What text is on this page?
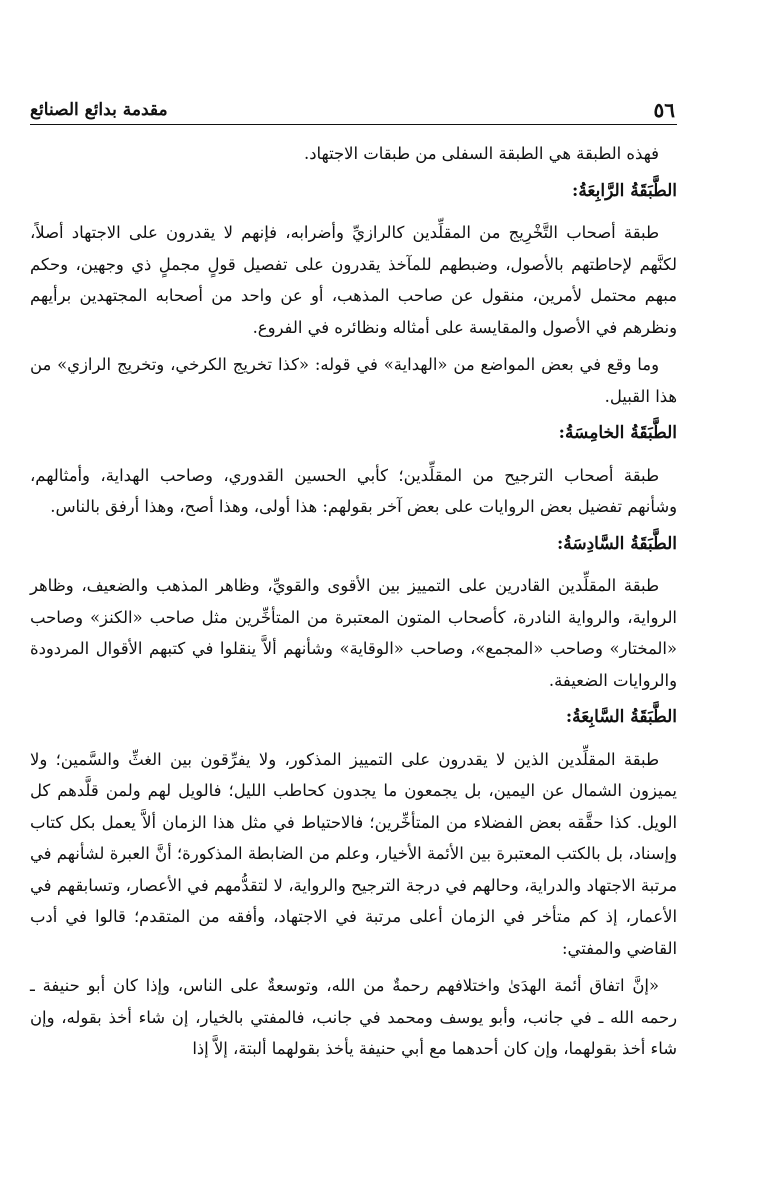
٥٦
مقدمة بدائع الصنائع

فهذه الطبقة هي الطبقة السفلى من طبقات الاجتهاد.

الطَّبَقَةُ الرَّابِعَةُ:

طبقة أصحاب التَّخْرِيج من المقلِّدين كالرازيِّ وأضرابه، فإنهم لا يقدرون على الاجتهاد أصلاً، لكنَّهم لإحاطتهم بالأصول، وضبطهم للمآخذ يقدرون على تفصيل قولٍ مجملٍ ذي وجهين، وحكم مبهم محتمل لأمرين، منقول عن صاحب المذهب، أو عن واحد من أصحابه المجتهدين برأيهم ونظرهم في الأصول والمقايسة على أمثاله ونظائره في الفروع.

وما وقع في بعض المواضع من «الهداية» في قوله: «كذا تخريج الكرخي، وتخريج الرازي» من هذا القبيل.

الطَّبَقَةُ الخامِسَةُ:

طبقة أصحاب الترجيح من المقلِّدين؛ كأبي الحسين القدوري، وصاحب الهداية، وأمثالهم، وشأنهم تفضيل بعض الروايات على بعض آخر بقولهم: هذا أولى، وهذا أصح، وهذا أرفق بالناس.

الطَّبَقَةُ السَّادِسَةُ:

طبقة المقلِّدين القادرين على التمييز بين الأقوى والقويِّ، وظاهر المذهب والضعيف، وظاهر الرواية، والرواية النادرة، كأصحاب المتون المعتبرة من المتأخِّرين مثل صاحب «الكنز» وصاحب «المختار» وصاحب «المجمع»، وصاحب «الوقاية» وشأنهم ألاَّ ينقلوا في كتبهم الأقوال المردودة والروايات الضعيفة.

الطَّبَقَةُ السَّابِعَةُ:

طبقة المقلِّدين الذين لا يقدرون على التمييز المذكور، ولا يفرِّقون بين الغثِّ والسَّمين؛ ولا يميزون الشمال عن اليمين، بل يجمعون ما يجدون كحاطب الليل؛ فالويل لهم ولمن قلَّدهم كل الويل. كذا حقَّقه بعض الفضلاء من المتأخِّرين؛ فالاحتياط في مثل هذا الزمان ألاَّ يعمل بكل كتاب وإسناد، بل بالكتب المعتبرة بين الأئمة الأخيار، وعلم من الضابطة المذكورة؛ أنَّ العبرة لشأنهم في مرتبة الاجتهاد والدراية، وحالهم في درجة الترجيح والرواية، لا لتقدُّمهم في الأعصار، وتسابقهم في الأعمار، إذ كم متأخر في الزمان أعلى مرتبة في الاجتهاد، وأفقه من المتقدم؛ قالوا في أدب القاضي والمفتي:

«إنَّ اتفاق أئمة الهدَىٰ واختلافهم رحمةٌ من الله، وتوسعةٌ على الناس، وإذا كان أبو حنيفة ـ رحمه الله ـ في جانب، وأبو يوسف ومحمد في جانب، فالمفتي بالخيار، إن شاء أخذ بقوله، وإن شاء أخذ بقولهما، وإن كان أحدهما مع أبي حنيفة يأخذ بقولهما ألبتة، إلاَّ إذا
